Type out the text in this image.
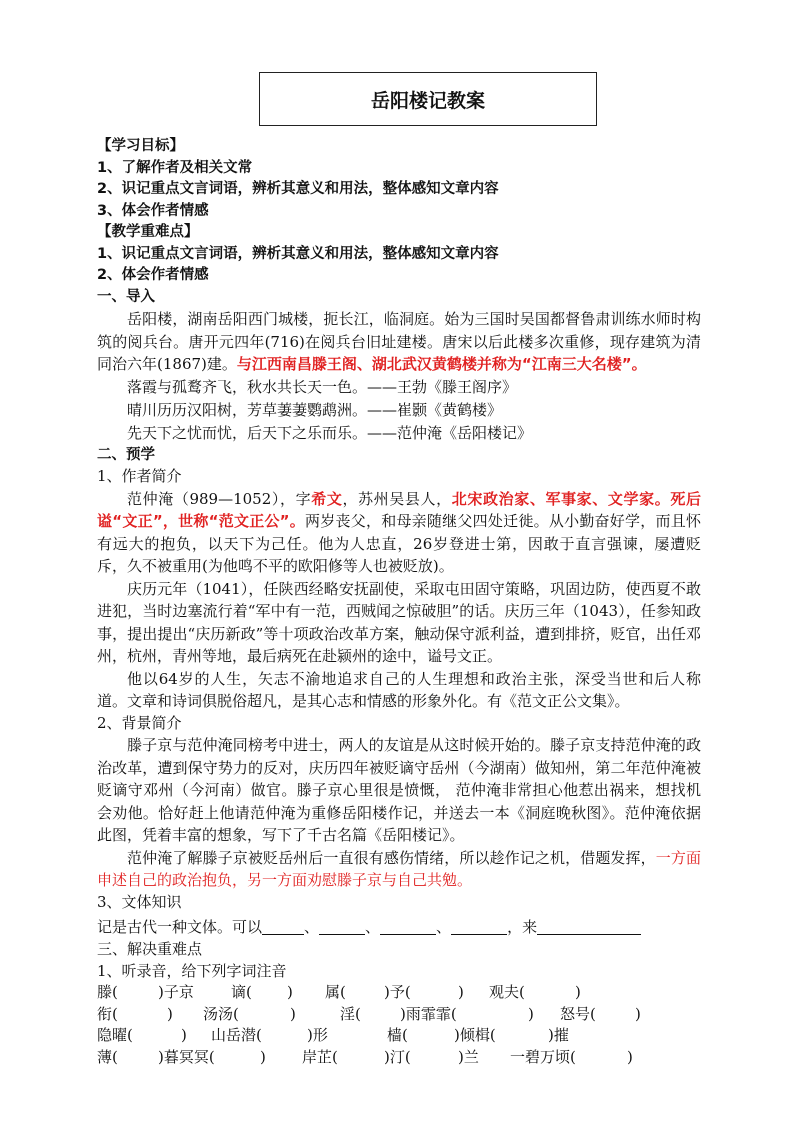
岳阳楼记教案
【学习目标】
1、了解作者及相关文常
2、识记重点文言词语，辨析其意义和用法，整体感知文章内容
3、体会作者情感
【教学重难点】
1、识记重点文言词语，辨析其意义和用法，整体感知文章内容
2、体会作者情感
一、导入

岳阳楼，湖南岳阳西门城楼，扼长江，临洞庭。始为三国时吴国都督鲁肃训练水师时构筑的阅兵台。唐开元四年(716)在阅兵台旧址建楼。唐宋以后此楼多次重修，现存建筑为清同治六年(1867)建。与江西南昌滕王阁、湖北武汉黄鹤楼并称为“江南三大名楼”。

落霞与孤鹜齐飞，秋水共长天一色。——王勃《滕王阁序》
晴川历历汉阳树，芳草萋萋鹦鹉洲。——崔颢《黄鹤楼》
先天下之忧而忧，后天下之乐而乐。——范仲淹《岳阳楼记》
二、预学
1、作者简介

范仲淹（989—1052），字希文，苏州吴县人，北宋政治家、军事家、文学家。死后谥“文正”，世称“范文正公”。两岁丧父，和母亲随继父四处迁徙。从小勤奋好学，而且怀有远大的抱负，以天下为己任。他为人忠直，26岁登进士第，因敢于直言强谏，屡遭贬斥，久不被重用(为他鸣不平的欧阳修等人也被贬放)。

庆历元年（1041），任陕西经略安抚副使，采取屯田固守策略，巩固边防，使西夏不敢进犯，当时边塞流行着“军中有一范，西贼闻之惊破胆”的话。庆历三年（1043），任参知政事，提出提出“庆历新政”等十项政治改革方案，触动保守派利益，遭到排挤，贬官，出任邓州，杭州，青州等地，最后病死在赴颍州的途中，谥号文正。

他以64岁的人生，矢志不渝地追求自己的人生理想和政治主张，深受当世和后人称道。文章和诗词俱脱俗超凡，是其心志和情感的形象外化。有《范文正公文集》。

2、背景简介

滕子京与范仲淹同榜考中进士，两人的友谊是从这时候开始的。滕子京支持范仲淹的政治改革，遭到保守势力的反对，庆历四年被贬谪守岳州（今湖南）做知州，第二年范仲淹被贬谪守邓州（今河南）做官。滕子京心里很是愤慨， 范仲淹非常担心他惹出祸来，想找机会劝他。恰好赶上他请范仲淹为重修岳阳楼作记，并送去一本《洞庭晚秋图》。范仲淹依据此图，凭着丰富的想象，写下了千古名篇《岳阳楼记》。

范仲淹了解滕子京被贬岳州后一直很有感伤情绪，所以趁作记之机，借题发挥，一方面申述自己的政治抱负，另一方面劝慰滕子京与自己共勉。

3、文体知识
记是古代一种文体。可以	、	、	、	，来
三、解决重难点
1、听录音，给下列字词注音
滕(	)子京 谪( ) 属(	)予(	) 观夫(	)
衔(	) 汤汤(	)	淫(	)雨霏霏(	) 怒号(	)
隐曜(	) 山岳潜(	)形	樯(	)倾楫(	)摧
薄(	)暮冥冥(	) 岸芷(	)汀(	)兰 一碧万顷(	)
